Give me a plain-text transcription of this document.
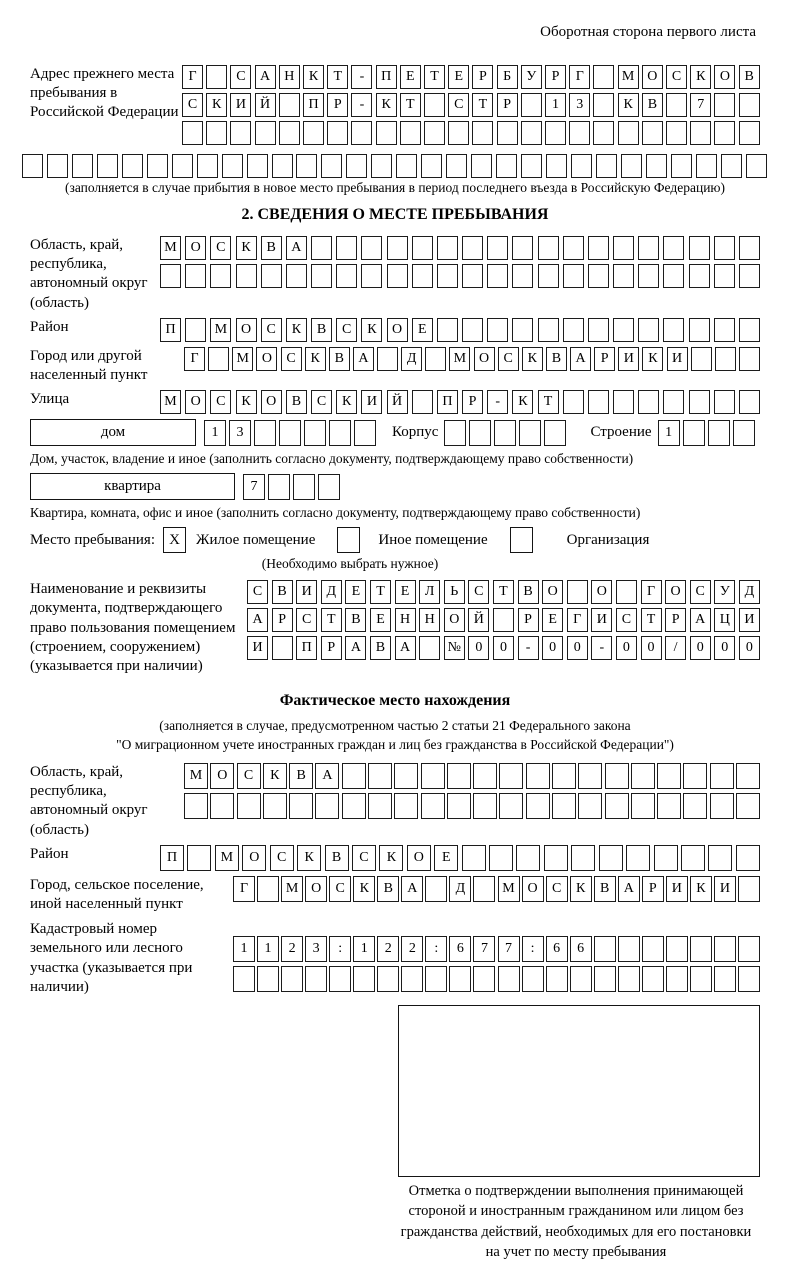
Оборотная сторона первого листа
Адрес прежнего места пребывания в Российской Федерации
Г	С	А	Н	К	Т	-	П	Е	Т	Е	Р	Б	У	Р	Г	М О	С	К	О	В
С	К	И	Й	П	Р	-	К	Т	С	Т	Р	1	3	К	В	7
(заполняется в случае прибытия в новое место пребывания в период последнего въезда в Российскую Федерацию)
2. СВЕДЕНИЯ О МЕСТЕ ПРЕБЫВАНИЯ
Область, край, республика, автономный округ (область)
М О	С	К	В	А
Район	П	М О	С	К	В	С	К	О	Е
Город или другой населенный пункт
Г	М О	С	К	В	А	Д	М О	С	К	В	А	Р	И	К	И
Улица	М О	С	К	О	В	С	К	И	Й	П	Р	-	К	Т
дом	1	3	Корпус	Строение 1
Дом, участок, владение и иное (заполнить согласно документу, подтверждающему право собственности)
квартира	7
Квартира, комната, офис и иное (заполнить согласно документу, подтверждающему право собственности)
Место пребывания: X	Жилое помещение	Иное помещение	Организация
(Необходимо выбрать нужное)
Наименование и реквизиты документа, подтверждающего право пользования помещением (строением, сооружением) (указывается при наличии)
С	В	И	Д	Е	Т	Е	Л	Ь	С	Т	В	О	О	Г	О	С	У	Д
А	Р	С	Т	В	Е	Н	Н	О	Й	Р	Е	Г	И	С	Т	Р	А	Ц	И
И	П	Р	А	В	А	№	0	0	-	0	0	-	0	0	/	0	0	0
Фактическое место нахождения
(заполняется в случае, предусмотренном частью 2 статьи 21 Федерального закона
"О миграционном учете иностранных граждан и лиц без гражданства в Российской Федерации")
Область, край, республика, автономный округ (область)
М	О	С	К	В	А
Район	П	М	О	С	К	В	С	К	О	Е
Город, сельское поселение, иной населенный пункт
Г	М О	С	К	В	А	Д	М О	С	К	В	А	Р	И	К	И
Кадастровый номер земельного или лесного участка (указывается при наличии)
1	1	2	3	:	1	2	2	:	6	7	7	:	6	6
Отметка о подтверждении выполнения принимающей стороной и иностранным гражданином или лицом без гражданства действий, необходимых для его постановки на учет по месту пребывания
